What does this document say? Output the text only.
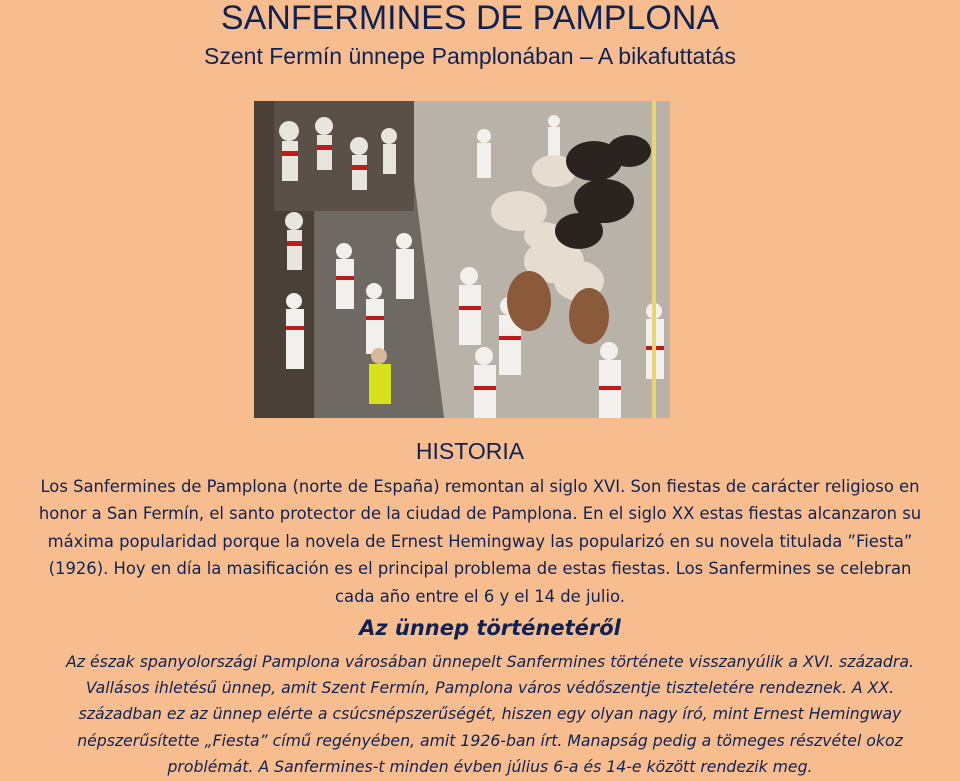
SANFERMINES DE PAMPLONA
Szent Fermín ünnepe Pamplonában – A bikafuttatás
HISTORIA
Los Sanfermines de Pamplona (norte de España) remontan al siglo XVI. Son fiestas de carácter religioso en
honor a San Fermín, el santo protector de la ciudad de Pamplona. En el siglo XX estas fiestas alcanzaron su
máxima popularidad porque la novela de Ernest Hemingway las popularizó en su novela titulada ”Fiesta”
(1926). Hoy en día la masificación es el principal problema de estas fiestas. Los Sanfermines se celebran
cada año entre el 6 y el 14 de julio.
Az ünnep történetéről
Az észak spanyolországi Pamplona városában ünnepelt Sanfermines története visszanyúlik a XVI. századra.
Vallásos ihletésű ünnep, amit Szent Fermín, Pamplona város védőszentje tiszteletére rendeznek. A XX.
században ez az ünnep elérte a csúcsnépszerűségét, hiszen egy olyan nagy író, mint Ernest Hemingway
népszerűsítette „Fiesta” című regényében, amit 1926-ban írt. Manapság pedig a tömeges részvétel okoz
problémát. A Sanfermines-t minden évben július 6-a és 14-e között rendezik meg.
